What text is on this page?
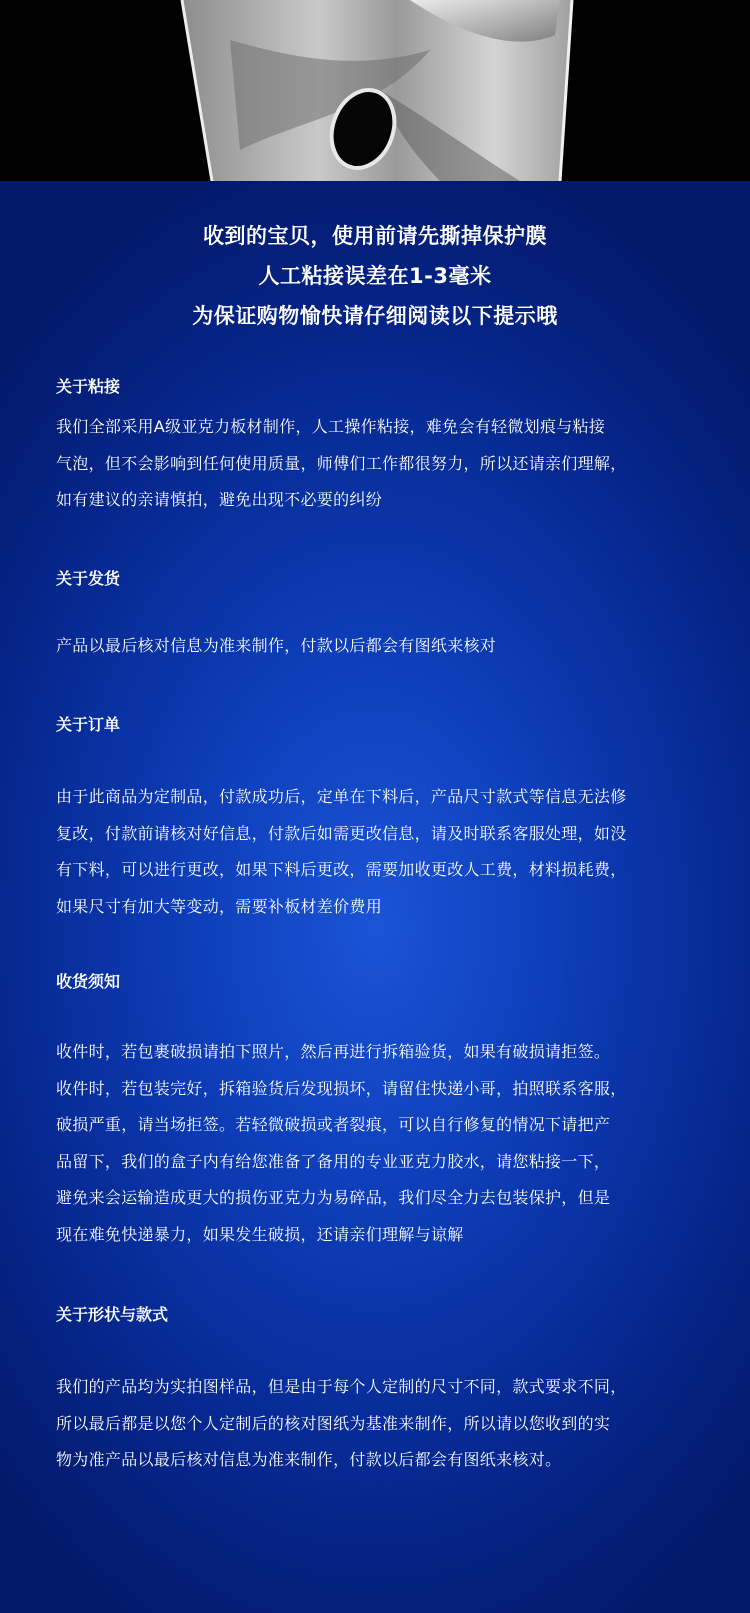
收到的宝贝，使用前请先撕掉保护膜
人工粘接误差在1-3毫米
为保证购物愉快请仔细阅读以下提示哦
关于粘接

我们全部采用A级亚克力板材制作，人工操作粘接，难免会有轻微划痕与粘接

气泡，但不会影响到任何使用质量，师傅们工作都很努力，所以还请亲们理解，

如有建议的亲请慎拍，避免出现不必要的纠纷

关于发货

产品以最后核对信息为准来制作，付款以后都会有图纸来核对

关于订单

由于此商品为定制品，付款成功后，定单在下料后，产品尺寸款式等信息无法修

复改，付款前请核对好信息，付款后如需更改信息，请及时联系客服处理，如没

有下料，可以进行更改，如果下料后更改，需要加收更改人工费，材料损耗费，

如果尺寸有加大等变动，需要补板材差价费用

收货须知

收件时，若包裹破损请拍下照片，然后再进行拆箱验货，如果有破损请拒签。

收件时，若包装完好，拆箱验货后发现损坏，请留住快递小哥，拍照联系客服，

破损严重，请当场拒签。若轻微破损或者裂痕，可以自行修复的情况下请把产

品留下，我们的盒子内有给您准备了备用的专业亚克力胶水，请您粘接一下，

避免来会运输造成更大的损伤亚克力为易碎品，我们尽全力去包装保护，但是

现在难免快递暴力，如果发生破损，还请亲们理解与谅解

关于形状与款式

我们的产品均为实拍图样品，但是由于每个人定制的尺寸不同，款式要求不同，

所以最后都是以您个人定制后的核对图纸为基准来制作，所以请以您收到的实

物为准产品以最后核对信息为准来制作，付款以后都会有图纸来核对。
